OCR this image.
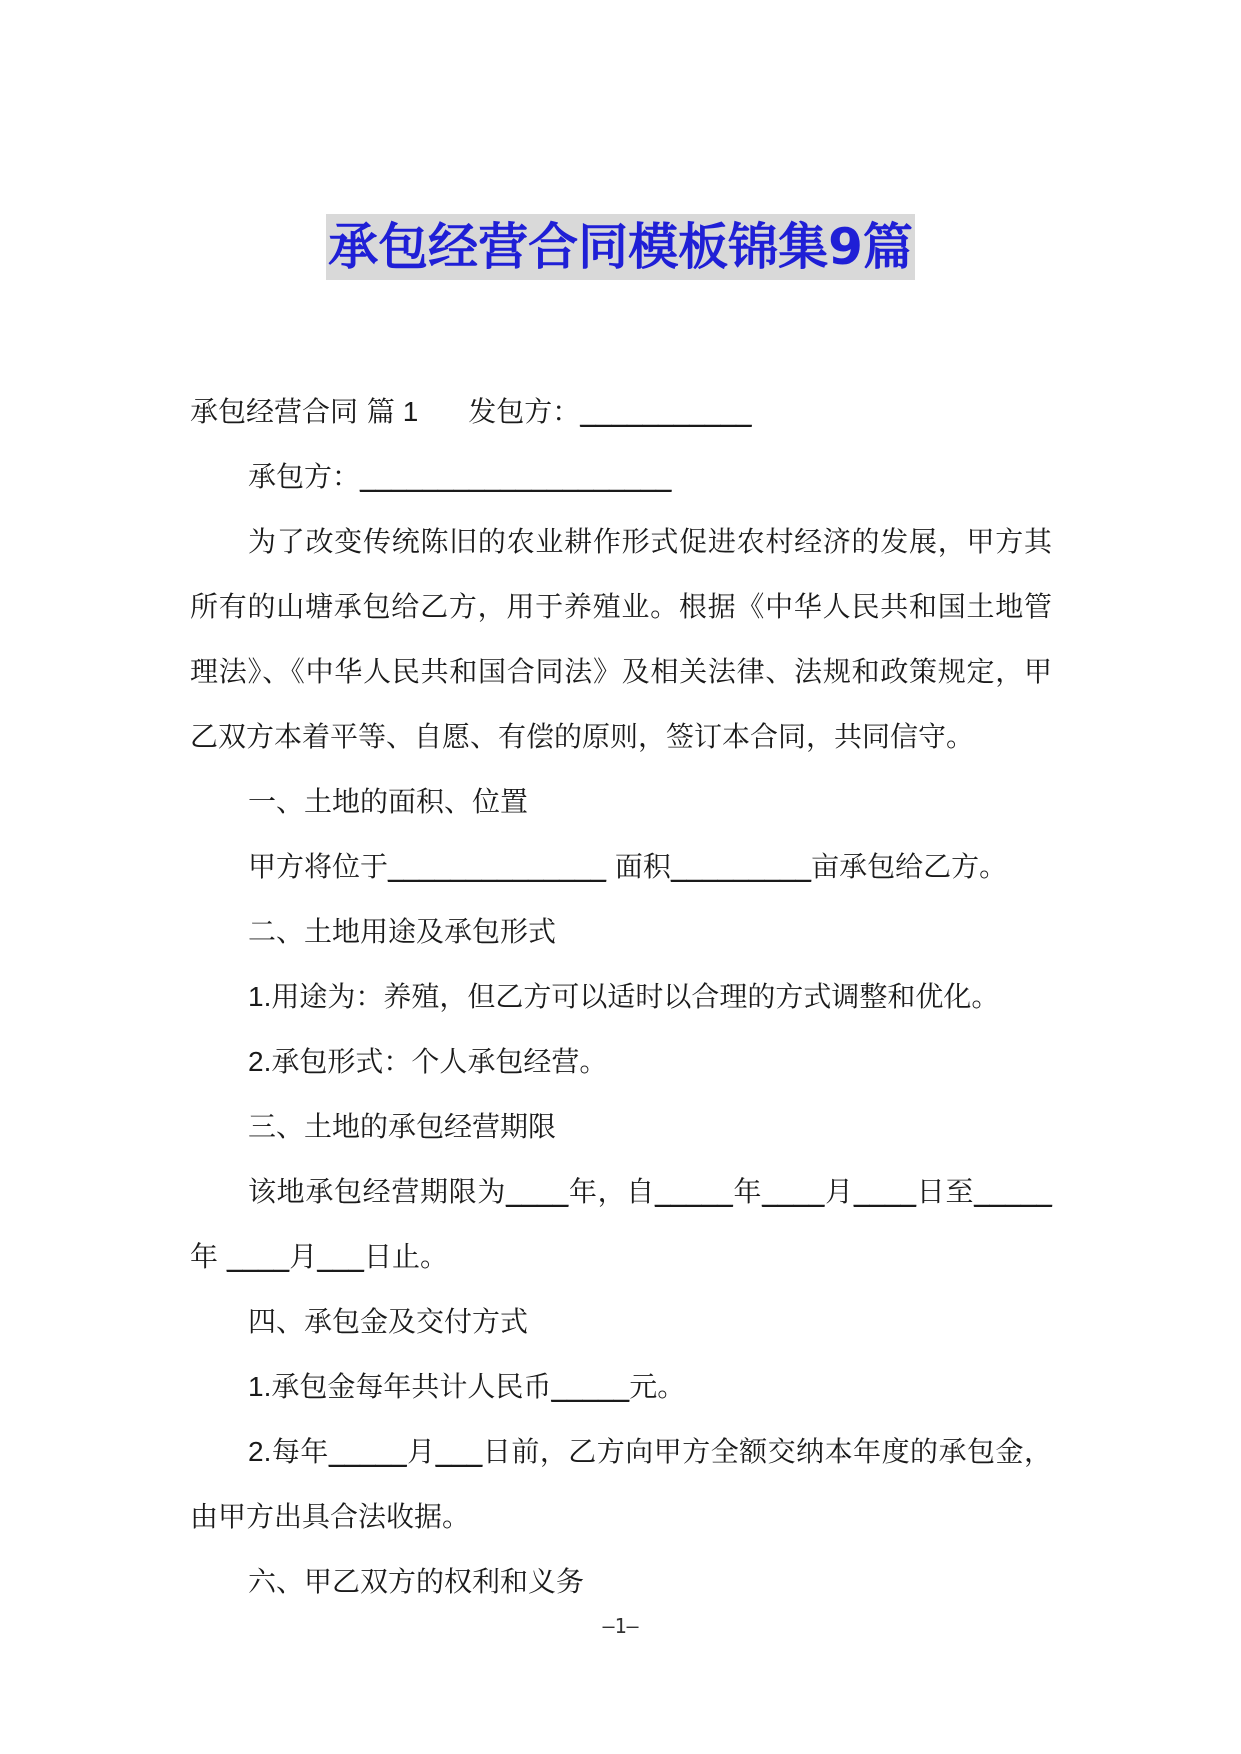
承包经营合同模板锦集9篇

承包经营合同 篇 1 发包方：___________

承包方：____________________

为了改变传统陈旧的农业耕作形式促进农村经济的发展，甲方其所有的山塘承包给乙方，用于养殖业。根据《中华人民共和国土地管理法》、《中华人民共和国合同法》及相关法律、法规和政策规定，甲乙双方本着平等、自愿、有偿的原则，签订本合同，共同信守。

一、土地的面积、位置

甲方将位于______________ 面积_________亩承包给乙方。

二、土地用途及承包形式

1.用途为：养殖，但乙方可以适时以合理的方式调整和优化。

2.承包形式：个人承包经营。

三、土地的承包经营期限

该地承包经营期限为____年，自_____年____月____日至_____年 ____月___日止。

四、承包金及交付方式

1.承包金每年共计人民币_____元。

2.每年_____月___日前，乙方向甲方全额交纳本年度的承包金，由甲方出具合法收据。

六、甲乙双方的权利和义务

—1—
